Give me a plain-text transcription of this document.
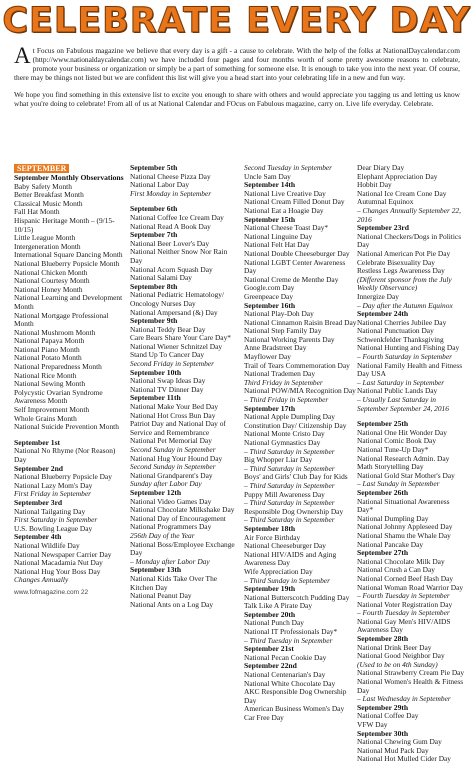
CELEBRATE EVERY DAY

At Focus on Fabulous magazine we believe that every day is a gift - a cause to celebrate. With the help of the folks at NationalDaycalendar.com (http://www.nationaldaycalendar.com) we have included four pages and four months worth of some pretty awesome reasons to celebrate, promote your business or organization or simply be a part of something for someone else. It is enough to take you into the next year. Of course, there may be things not listed but we are confident this list will give you a head start into your celebrating life in a new and fun way.

We hope you find something in this extensive list to excite you enough to share with others and would appreciate you tagging us and letting us know what you're doing to celebrate! From all of us at National Calendar and FOcus on Fabulous magazine, carry on. Live life everyday. Celebrate.

SEPTEMBER
September Monthly Observations
Baby Safety Month
Better Breakfast Month
Classical Music Month
Fall Hat Month
Hispanic Heritage Month – (9/15-10/15)
Little League Month
Intergeneration Month
International Square Dancing Month
National Blueberry Popsicle Month
National Chicken Month
National Courtesy Month
National Honey Month
National Learning and Development Month
National Mortgage Professional Month
National Mushroom Month
National Papaya Month
National Piano Month
National Potato Month
National Preparedness Month
National Rice Month
National Sewing Month
Polycystic Ovarian Syndrome Awareness Month
Self Improvement Month
Whole Grains Month
National Suicide Prevention Month
September 1st
National No Rhyme (Nor Reason) Day
September 2nd
National Blueberry Popsicle Day
National Lazy Mom's Day
First Friday in September
September 3rd
National Tailgating Day
First Saturday in September
U.S. Bowling League Day
September 4th
National Wildlife Day
National Newspaper Carrier Day
National Macadamia Nut Day
National Hug Your Boss Day
Changes Annually
September 5th
National Cheese Pizza Day
National Labor Day
First Monday in September
September 6th
National Coffee Ice Cream Day
National Read A Book Day
September 7th
National Beer Lover's Day
National Neither Snow Nor Rain Day
National Acorn Squash Day
National Salami Day
September 8th
National Pediatric Hematology/ Oncology Nurses Day
National Ampersand (&) Day
September 9th
National Teddy Bear Day
Care Bears Share Your Care Day*
National Wiener Schnitzel Day
Stand Up To Cancer Day
Second Friday in September
September 10th
National Swap Ideas Day
National TV Dinner Day
September 11th
National Make Your Bed Day
National Hot Cross Bun Day
Patriot Day and National Day of Service and Remembrance
National Pet Memorial Day
Second Sunday in September
National Hug Your Hound Day
Second Sunday in September
National Grandparent's Day
Sunday after Labor Day
September 12th
National Video Games Day
National Chocolate Milkshake Day
National Day of Encouragement
National Programmers Day
256th Day of the Year
National Boss/Employee Exchange Day
– Monday after Labor Day
September 13th
National Kids Take Over The Kitchen Day
National Peanut Day
National Ants on a Log Day
Second Tuesday in September
Uncle Sam Day
September 14th
National Live Creative Day
National Cream Filled Donut Day
National Eat a Hoagie Day
September 15th
National Cheese Toast Day*
National Linguine Day
National Felt Hat Day
National Double Cheeseburger Day
National LGBT Center Awareness Day
National Creme de Menthe Day
Google.com Day
Greenpeace Day
September 16th
National Play-Doh Day
National Cinnamon Raisin Bread Day
National Step Family Day
National Working Parents Day
Anne Bradstreet Day
Mayflower Day
Trail of Tears Commemoration Day
National Trademen Day
Third Friday in September
National POW/MIA Recognition Day
– Third Friday in September
September 17th
National Apple Dumpling Day
Constitution Day/ Citizenship Day
National Monte Cristo Day
National Gymnastics Day
– Third Saturday in September
Big Whopper Liar Day
– Third Saturday in September
Boys' and Girls' Club Day for Kids
– Third Saturday in September
Puppy Mill Awareness Day
– Third Saturday in September
Responsible Dog Ownership Day
– Third Saturday in September
September 18th
Air Force Birthday
National Cheeseburger Day
National HIV/AIDS and Aging Awareness Day
Wife Appreciation Day
– Third Sunday in September
September 19th
National Butterscotch Pudding Day
Talk Like A Pirate Day
September 20th
National Punch Day
National IT Professionals Day*
– Third Tuesday in September
September 21st
National Pecan Cookie Day
September 22nd
National Centenarian's Day
National White Chocolate Day
AKC Responsible Dog Ownership Day
American Business Women's Day
Car Free Day
Dear Diary Day
Elephant Appreciation Day
Hobbit Day
National Ice Cream Cone Day
Autumnal Equinox
– Changes Annually September 22, 2016
September 23rd
National Checkers/Dogs in Politics Day
National American Pot Pie Day
Celebrate Bisexuality Day
Restless Legs Awareness Day
(Different sponsor from the July Weekly Observance)
Innergize Day
– Day after the Autumn Equinox
September 24th
National Cherries Jubilee Day
National Punctuation Day
Schwenkfelder Thanksgiving
National Hunting and Fishing Day
– Fourth Saturday in September
National Family Health and Fitness Day USA
– Last Saturday in September
National Public Lands Day
– Usually Last Saturday in September September 24, 2016
September 25th
National One Hit Wonder Day
National Comic Book Day
National Tune-Up Day*
National Research Admin. Day
Math Storytelling Day
National Gold Star Mother's Day
– Last Sunday in September
September 26th
National Situational Awareness Day*
National Dumpling Day
National Johnny Appleseed Day
National Shamu the Whale Day
National Pancake Day
September 27th
National Chocolate Milk Day
National Crush a Can Day
National Corned Beef Hash Day
National Woman Road Warrior Day
– Fourth Tuesday in September
National Voter Registration Day
– Fourth Tuesday in September
National Gay Men's HIV/AIDS Awareness Day
September 28th
National Drink Beer Day
National Good Neighbor Day
(Used to be on 4th Sunday)
National Strawberry Cream Pie Day
National Women's Health & Fitness Day
– Last Wednesday in September
September 29th
National Coffee Day
VFW Day
September 30th
National Chewing Gum Day
National Mud Pack Day
National Hot Mulled Cider Day
www.fofmagazine.com 22
